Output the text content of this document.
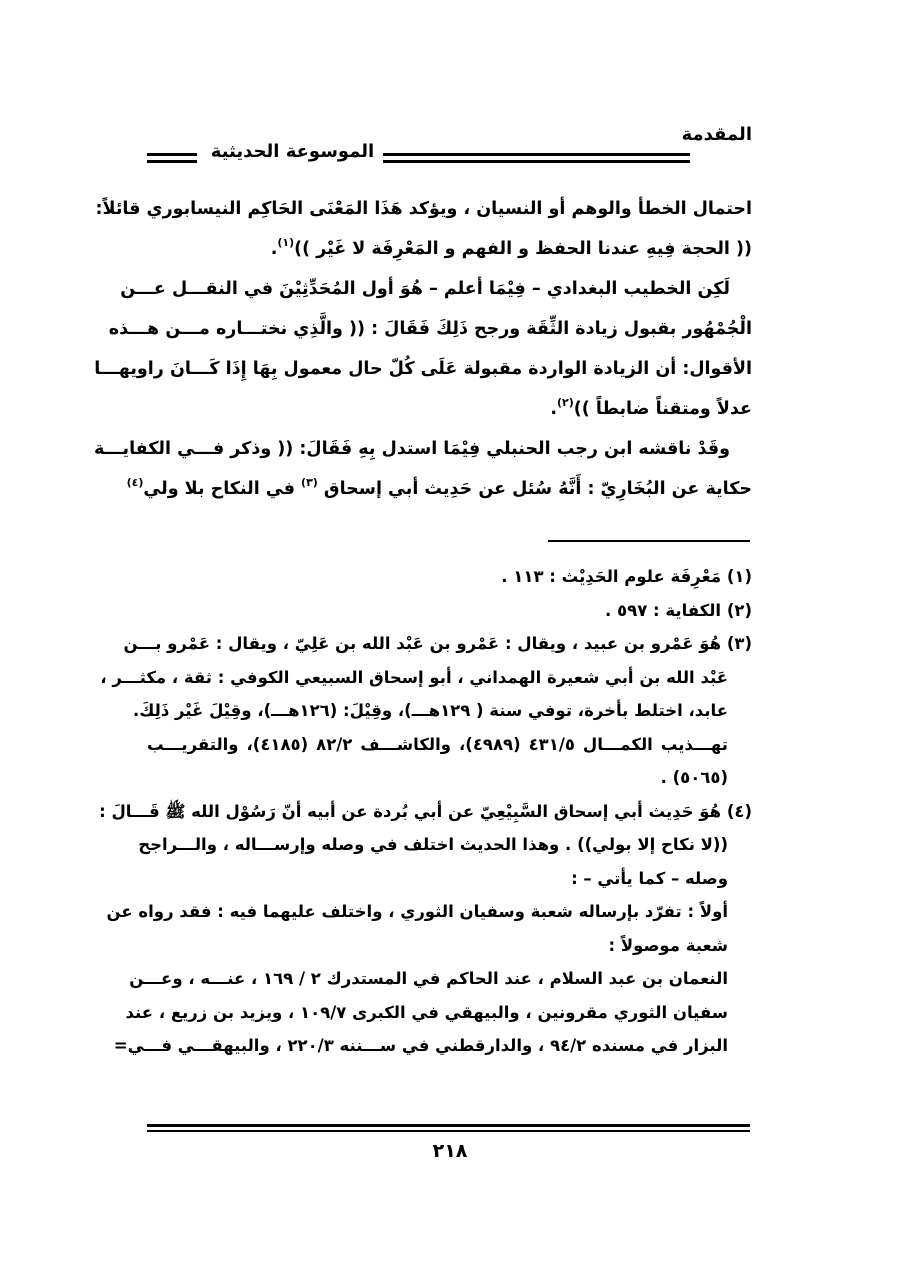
المقدمة
الموسوعة الحديثية
احتمال الخطأ والوهم أو النسيان ، ويؤكد هَذَا المَعْنَى الحَاكِم النيسابوري قائلاً:
(( الحجة فِيهِ عندنا الحفظ و الفهم و المَعْرِفَة لا غَيْر ))$^{(١)}$.
لَكِن الخطيب البغدادي – فِيْمَا أعلم – هُوَ أول المُحَدِّثِيْنَ في النقـــل عـــن
الْجُمْهُور بقبول زيادة الثِّقَة ورجح ذَلِكَ فَقَالَ : (( والَّذِي نختـــاره مـــن هـــذه
الأقوال: أن الزيادة الواردة مقبولة عَلَى كُلّ حال معمول بِهَا إِذَا كَـــانَ راويهـــا
عدلاً ومتقناً ضابطاً ))$^{(٢)}$.
وقَدْ ناقشه ابن رجب الحنبلي فِيْمَا استدل بِهِ فَقَالَ: (( وذكر فـــي الكفايـــة
حكاية عن البُخَارِيّ : أَنَّهُ سُئل عن حَدِيث أبي إسحاق $^{(٣)}$ في النكاح بلا ولي$^{(٤)}$
(١) مَعْرِفَة علوم الحَدِيْث : ١١٣ .
(٢) الكفاية : ٥٩٧ .
(٣) هُوَ عَمْرو بن عبيد ، ويقال : عَمْرو بن عَبْد الله بن عَلِيّ ، ويقال : عَمْرو بـــن
عَبْد الله بن أبي شعيرة الهمداني ، أبو إسحاق السبيعي الكوفي : ثقة ، مكثـــر ،
عابد، اختلط بأخرة، توفي سنة ( ١٢٩هـــ)، وقِيْلَ: (١٢٦هـــ)، وقِيْلَ غَيْر ذَلِكَ.
تهـــذيب الكمـــال ٤٣١/٥ (٤٩٨٩)، والكاشـــف ٨٢/٢ (٤١٨٥)، والتقريـــب
(٥٠٦٥) .
(٤) هُوَ حَدِيث أبي إسحاق السَّبِيْعِيّ عن أبي بُردة عن أبيه أنّ رَسُوْل الله ﷺ قَـــالَ :
((لا نكاح إلا بولي)) . وهذا الحديث اختلف في وصله وإرســـاله ، والـــراجح
وصله – كما يأتي – :
أولاً : تفرّد بإرساله شعبة وسفيان الثوري ، واختلف عليهما فيه : فقد رواه عن
شعبة موصولاً :
النعمان بن عبد السلام ، عند الحاكم في المستدرك ٢ / ١٦٩ ، عنـــه ، وعـــن
سفيان الثوري مقرونين ، والبيهقي في الكبرى ١٠٩/٧ ، ويزيد بن زريع ، عند
البزار في مسنده ٩٤/٢ ، والدارقطني في ســـننه ٢٢٠/٣ ، والبيهقـــي فـــي=
٢١٨
